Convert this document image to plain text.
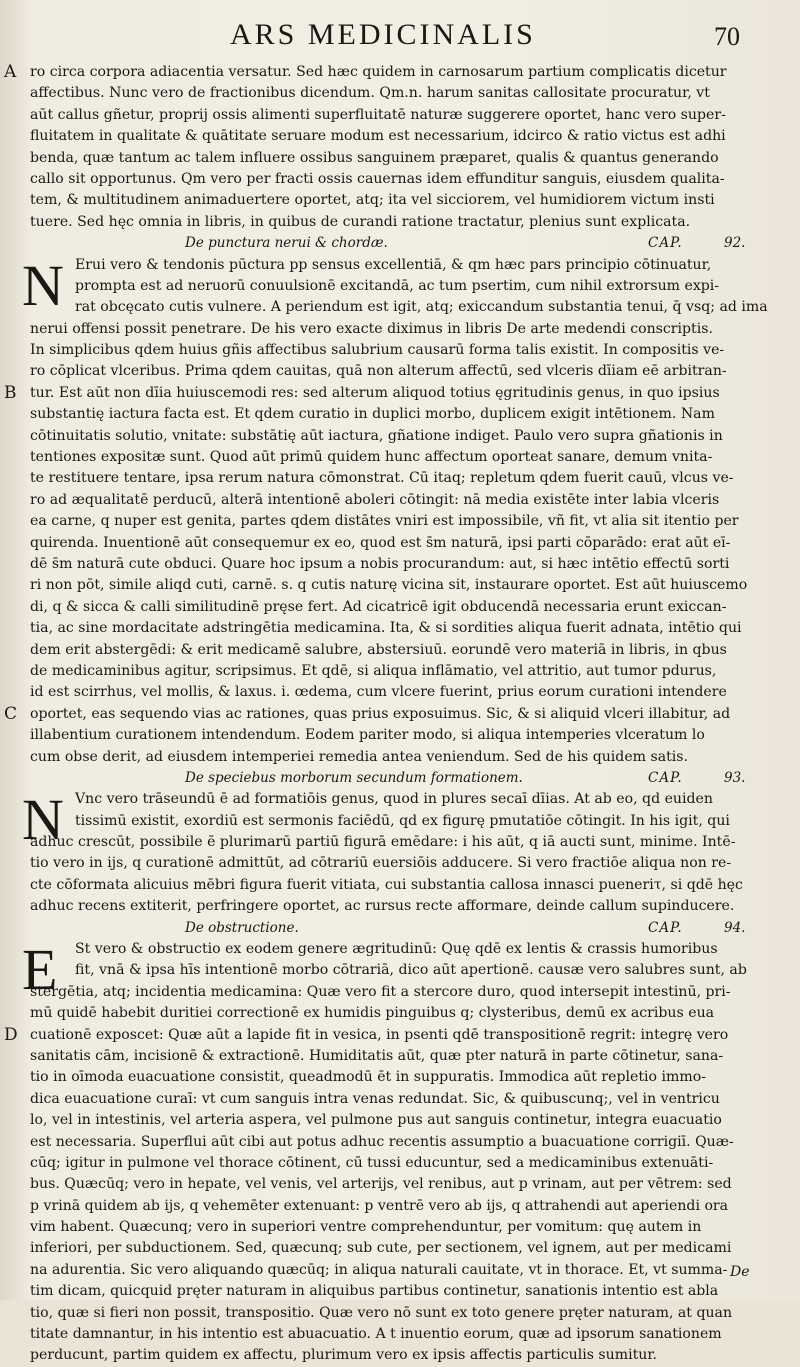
ARS MEDICINALIS	70
A ro circa corpora adiacentia versatur. Sed hæc quidem in carnosarum partium complicatis dicetur
affectibus. Nunc vero de fractionibus dicendum. Qm.n. harum sanitas callositate procuratur, vt
aūt callus gñetur, proprij ossis alimenti superfluitatē naturæ suggerere oportet, hanc vero super-
fluitatem in qualitate & quātitate seruare modum est necessarium, idcirco & ratio victus est adhi
benda, quæ tantum ac talem influere ossibus sanguinem præparet, qualis & quantus generando
callo sit opportunus. Qm vero per fracti ossis cauernas idem effunditur sanguis, eiusdem qualita-
tem, & multitudinem animaduertere oportet, atq; ita vel sicciorem, vel humidiorem victum insti
tuere. Sed hęc omnia in libris, in quibus de curandi ratione tractatur, plenius sunt explicata.
De punctura nerui & chordæ.	CAP.	92.
N Erui vero & tendonis pūctura pp sensus excellentiā, & qm hæc pars principio cōtinuatur,
prompta est ad neruorū conuulsionē excitandā, ac tum psertim, cum nihil extrorsum expi-
rat obcęcato cutis vulnere. A periendum est igit, atq; exiccandum substantia tenui, q̄ vsq; ad ima
nerui offensi possit penetrare. De his vero exacte diximus in libris De arte medendi conscriptis.
In simplicibus qdem huius gñis affectibus salubrium causarū forma talis existit. In compositis ve-
ro cōplicat vlceribus. Prima qdem cauitas, quā non alterum affectū, sed vlceris dīiam eē arbitran-
B tur. Est aūt non dīia huiuscemodi res: sed alterum aliquod totius ęgritudinis genus, in quo ipsius
substantię iactura facta est. Et qdem curatio in duplici morbo, duplicem exigit intētionem. Nam
cōtinuitatis solutio, vnitate: substātię aūt iactura, gñatione indiget. Paulo vero supra gñationis in
tentiones expositæ sunt. Quod aūt primū quidem hunc affectum oporteat sanare, demum vnita-
te restituere tentare, ipsa rerum natura cōmonstrat. Cū itaq; repletum qdem fuerit cauū, vlcus ve-
ro ad æqualitatē perducū, alterā intentionē aboleri cōtingit: nā media existēte inter labia vlceris
ea carne, q nuper est genita, partes qdem distātes vniri est impossibile, vñ fit, vt alia sit itentio per
quirenda. Inuentionē aūt consequemur ex eo, quod est s̄m naturā, ipsi parti cōparādo: erat aūt eī-
dē s̄m naturā cute obduci. Quare hoc ipsum a nobis procurandum: aut, si hæc intētio effectū sorti
ri non pōt, simile aliqd cuti, carnē. s. q cutis naturę vicina sit, instaurare oportet. Est aūt huiuscemo
di, q & sicca & calli similitudinē pręse fert. Ad cicatricē igit obducendā necessaria erunt exiccan-
tia, ac sine mordacitate adstringētia medicamina. Ita, & si sordities aliqua fuerit adnata, intētio qui
dem erit abstergēdi: & erit medicamē salubre, abstersiuū. eorundē vero materiā in libris, in qbus
de medicaminibus agitur, scripsimus. Et qdē, si aliqua inflāmatio, vel attritio, aut tumor pdurus,
id est scirrhus, vel mollis, & laxus. i. œdema, cum vlcere fuerint, prius eorum curationi intendere
C oportet, eas sequendo vias ac rationes, quas prius exposuimus. Sic, & si aliquid vlceri illabitur, ad
illabentium curationem intendendum. Eodem pariter modo, si aliqua intemperies vlceratum lo
cum obse derit, ad eiusdem intemperiei remedia antea veniendum. Sed de his quidem satis.
De speciebus morborum secundum formationem.	CAP.	93.
N Vnc vero trāseundū ē ad formatiōis genus, quod in plures secaī dīias. At ab eo, qd euiden
tissimū existit, exordiū est sermonis faciēdū, qd ex figurę pmutatiōe cōtingit. In his igit, qui
adhuc crescūt, possibile ē plurimarū partiū figurā emēdare: i his aūt, q iā aucti sunt, minime. Intē-
tio vero in ijs, q curationē admittūt, ad cōtrariū euersiōis adducere. Si vero fractiōe aliqua non re-
cte cōformata alicuius mēbri figura fuerit vitiata, cui substantia callosa innasci pueneriτ, si qdē hęc
adhuc recens extiterit, perfringere oportet, ac rursus recte afformare, deinde callum supinducere.
De obstructione.	CAP.	94.
E	St vero & obstructio ex eodem genere ægritudinū: Quę qdē ex lentis & crassis humoribus
fit, vnā & ipsa hīs intentionē morbo cōtrariā, dico aūt apertionē. causæ vero salubres sunt, ab
stergētia, atq; incidentia medicamina: Quæ vero fit a stercore duro, quod intersepit intestinū, pri-
mū quidē habebit duritiei correctionē ex humidis pinguibus q; clysteribus, demū ex acribus eua
D cuationē exposcet: Quæ aūt a lapide fit in vesica, in psenti qdē transpositionē regrit: integrę vero
sanitatis cām, incisionē & extractionē. Humiditatis aūt, quæ pter naturā in parte cōtinetur, sana-
tio in oīmoda euacuatione consistit, queadmodū ēt in suppuratis. Immodica aūt repletio immo-
dica euacuatione curaī: vt cum sanguis intra venas redundat. Sic, & quibuscunq;, vel in ventricu
lo, vel in intestinis, vel arteria aspera, vel pulmone pus aut sanguis continetur, integra euacuatio
est necessaria. Superflui aūt cibi aut potus adhuc recentis assumptio a buacuatione corrigiī. Quæ-
cūq; igitur in pulmone vel thorace cōtinent, cū tussi educuntur, sed a medicaminibus extenuāti-
bus. Quæcūq; vero in hepate, vel venis, vel arterijs, vel renibus, aut p vrinam, aut per vētrem: sed
p vrinā quidem ab ijs, q vehemēter extenuant: p ventrē vero ab ijs, q attrahendi aut aperiendi ora
vim habent. Quæcunq; vero in superiori ventre comprehenduntur, per vomitum: quę autem in
inferiori, per subductionem. Sed, quæcunq; sub cute, per sectionem, vel ignem, aut per medicami
na adurentia. Sic vero aliquando quæcūq; in aliqua naturali cauitate, vt in thorace. Et, vt summa-
tim dicam, quicquid pręter naturam in aliquibus partibus continetur, sanationis intentio est abla
tio, quæ si fieri non possit, transpositio. Quæ vero nō sunt ex toto genere pręter naturam, at quan
titate damnantur, in his intentio est abuacuatio. A t inuentio eorum, quæ ad ipsorum sanationem
perducunt, partim quidem ex affectu, plurimum vero ex ipsis affectis particulis sumitur.
De
